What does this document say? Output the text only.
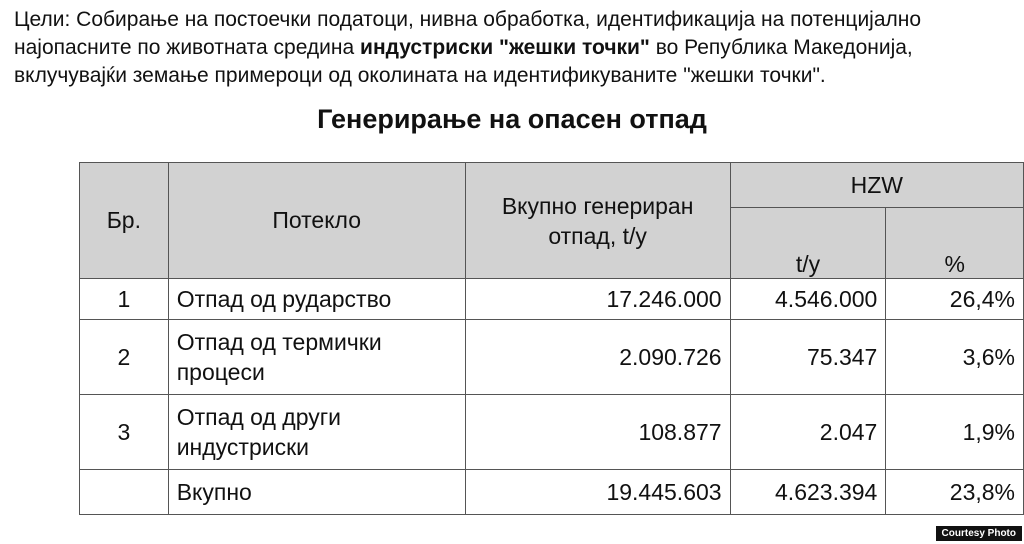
Цели: Собирање на постоечки податоци, нивна обработка, идентификација на потенцијално најопасните по животната средина индустриски "жешки точки" во Република Македонија, вклучувајќи земање примероци од околината на идентификуваните "жешки точки".

Генерирање на опасен отпад
Бр.	Потекло	Вкупно генериран отпад, t/y	HZW	
			t/y	%
1	Отпад од рударство	17.246.000	4.546.000	26,4%
2	Отпад од термички процеси	2.090.726	75.347	3,6%
3	Отпад од други индустриски	108.877	2.047	1,9%
	Вкупно	19.445.603	4.623.394	23,8%
Courtesy Photo
